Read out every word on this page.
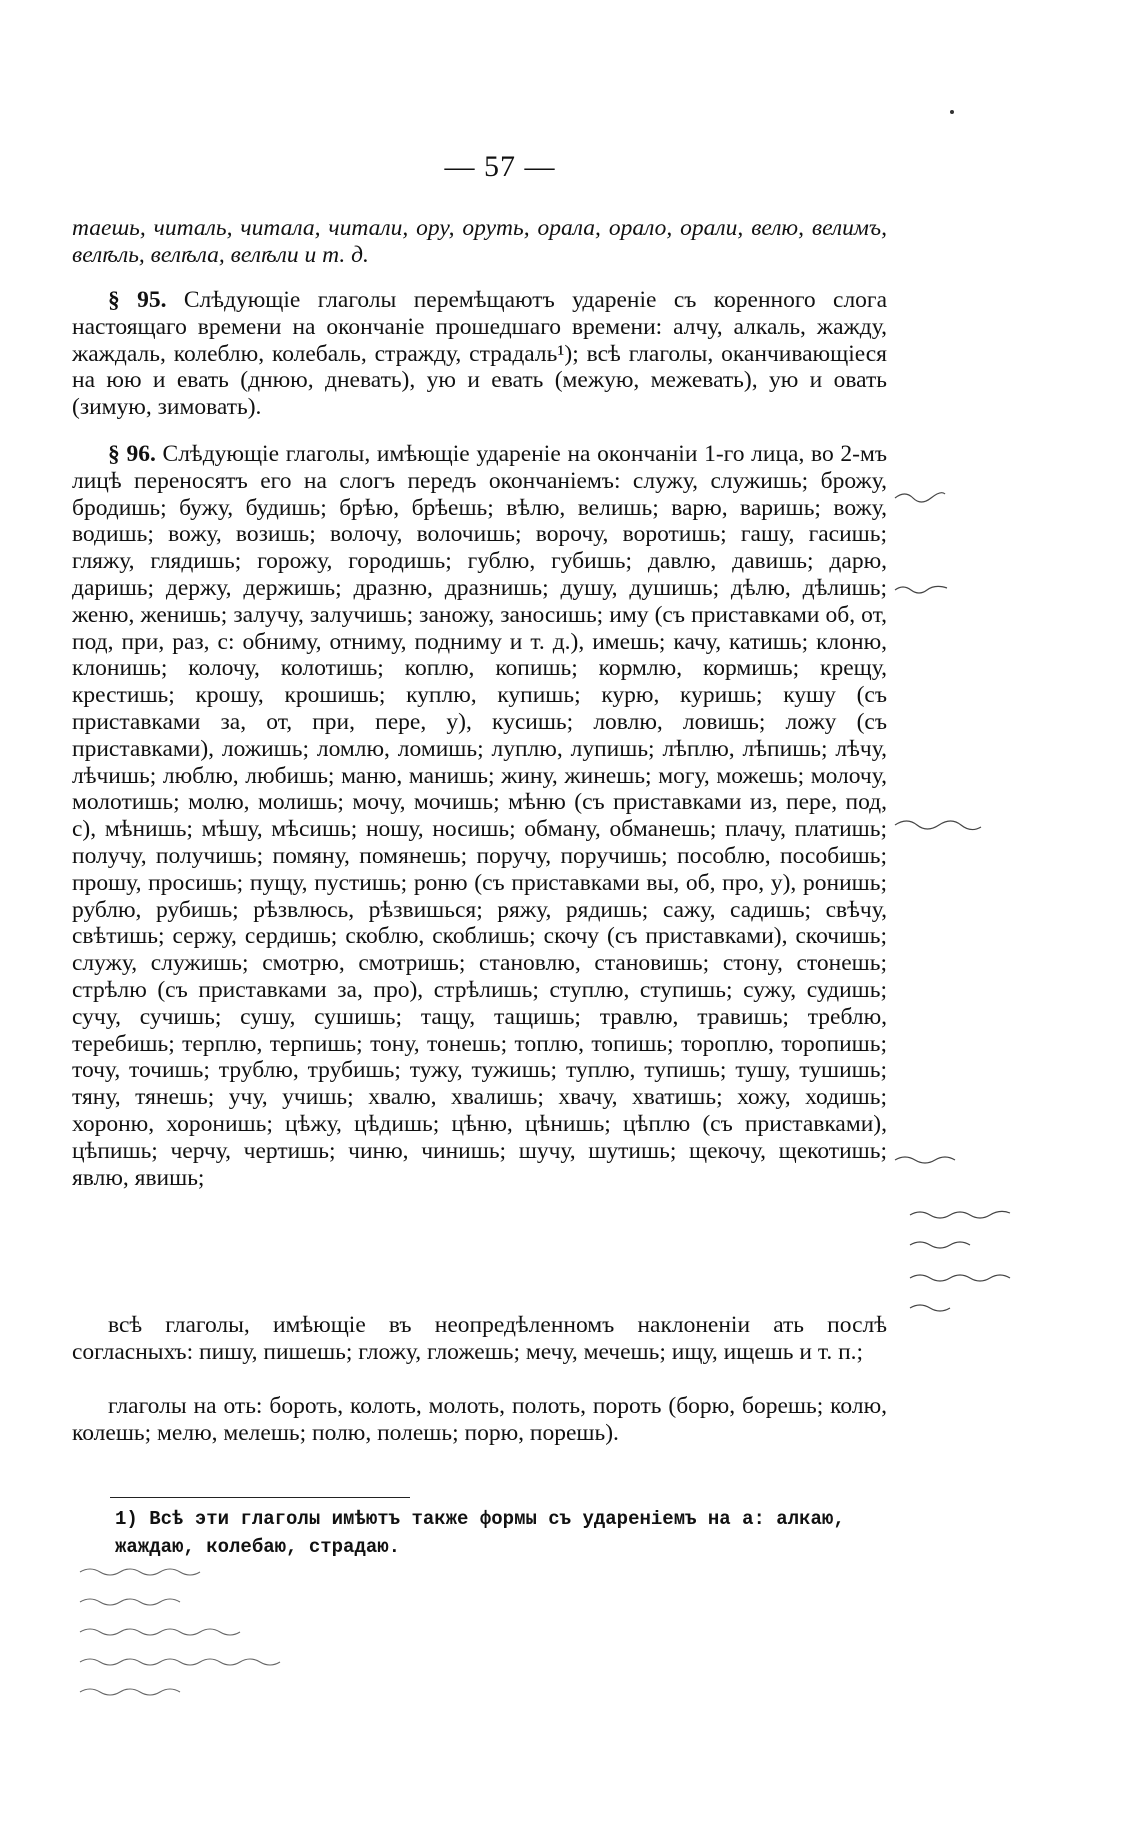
— 57 —
таешь, читаль, читала, читали, ору, оруть, орала, орало, орали, велю, велимъ, велѣль, велѣла, велѣли и т. д.
§ 95. Слѣдующіе глаголы перемѣщаютъ удареніе съ коренного слога настоящаго времени на окончаніе прошедшаго времени: алчу, алкаль, жажду, жаждаль, колеблю, колебаль, стражду, страдаль¹); всѣ глаголы, оканчивающіеся на юю и евать (днюю, дневать), ую и евать (межую, межевать), ую и овать (зимую, зимовать).
§ 96. Слѣдующіе глаголы, имѣющіе удареніе на окончаніи 1-го лица, во 2-мъ лицѣ переносятъ его на слогъ передъ окончаніемъ: служу, служишь; брожу, бродишь; бужу, будишь; брѣю, брѣешь; вѣлю, велишь; варю, варишь; вожу, водишь; вожу, возишь; волочу, волочишь; ворочу, воротишь; гашу, гасишь; гляжу, глядишь; горожу, городишь; гублю, губишь; давлю, давишь; дарю, даришь; держу, держишь; дразню, дразнишь; душу, душишь; дѣлю, дѣлишь; женю, женишь; залучу, залучишь; заножу, заносишь; иму (съ приставками об, от, под, при, раз, с: обниму, отниму, подниму и т. д.), имешь; качу, катишь; клоню, клонишь; колочу, колотишь; коплю, копишь; кормлю, кормишь; крещу, крестишь; крошу, крошишь; куплю, купишь; курю, куришь; кушу (съ приставками за, от, при, пере, у), кусишь; ловлю, ловишь; ложу (съ приставками), ложишь; ломлю, ломишь; луплю, лупишь; лѣплю, лѣпишь; лѣчу, лѣчишь; люблю, любишь; маню, манишь; жину, жинешь; могу, можешь; молочу, молотишь; молю, молишь; мочу, мочишь; мѣню (съ приставками из, пере, под, с), мѣнишь; мѣшу, мѣсишь; ношу, носишь; обману, обманешь; плачу, платишь; получу, получишь; помяну, помянешь; поручу, поручишь; пособлю, пособишь; прошу, просишь; пущу, пустишь; роню (съ приставками вы, об, про, у), ронишь; рублю, рубишь; рѣзвлюсь, рѣзвишься; ряжу, рядишь; сажу, садишь; свѣчу, свѣтишь; сержу, сердишь; скоблю, скоблишь; скочу (съ приставками), скочишь; служу, служишь; смотрю, смотришь; становлю, становишь; стону, стонешь; стрѣлю (съ приставками за, про), стрѣлишь; ступлю, ступишь; сужу, судишь; сучу, сучишь; сушу, сушишь; тащу, тащишь; травлю, травишь; треблю, теребишь; терплю, терпишь; тону, тонешь; топлю, топишь; тороплю, торопишь; точу, точишь; трублю, трубишь; тужу, тужишь; туплю, тупишь; тушу, тушишь; тяну, тянешь; учу, учишь; хвалю, хвалишь; хвачу, хватишь; хожу, ходишь; хороню, хоронишь; цѣжу, цѣдишь; цѣню, цѣнишь; цѣплю (съ приставками), цѣпишь; черчу, чертишь; чиню, чинишь; шучу, шутишь; щекочу, щекотишь; явлю, явишь;
всѣ глаголы, имѣющіе въ неопредѣленномъ наклоненіи ать послѣ согласныхъ: пишу, пишешь; гложу, гложешь; мечу, мечешь; ищу, ищешь и т. п.;
глаголы на оть: бороть, колоть, молоть, полоть, пороть (борю, борешь; колю, колешь; мелю, мелешь; полю, полешь; порю, порешь).
1) Всѣ эти глаголы имѣютъ также формы съ удареніемъ на а: алкаю, жаждаю, колебаю, страдаю.
